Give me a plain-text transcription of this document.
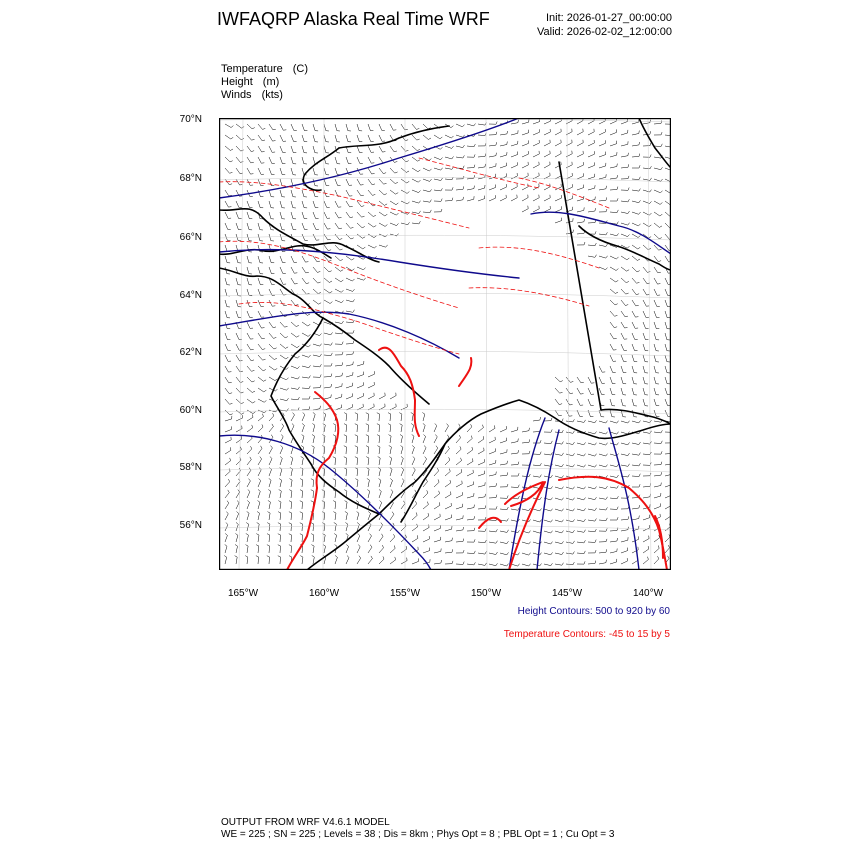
IWFAQRP Alaska Real Time WRF	Init: 2026-01-27_00:00:00
Valid: 2026-02-02_12:00:00
Temperature (C)
Height (m)
Winds (kts)
70°N
68°N
66°N
64°N
62°N
60°N
58°N
56°N
165°W	160°W	155°W	150°W	145°W	140°W
Height Contours: 500 to 920 by 60
Temperature Contours: -45 to 15 by 5
OUTPUT FROM WRF V4.6.1 MODEL
WE = 225 ; SN = 225 ; Levels = 38 ; Dis = 8km ; Phys Opt = 8 ; PBL Opt = 1 ; Cu Opt = 3
